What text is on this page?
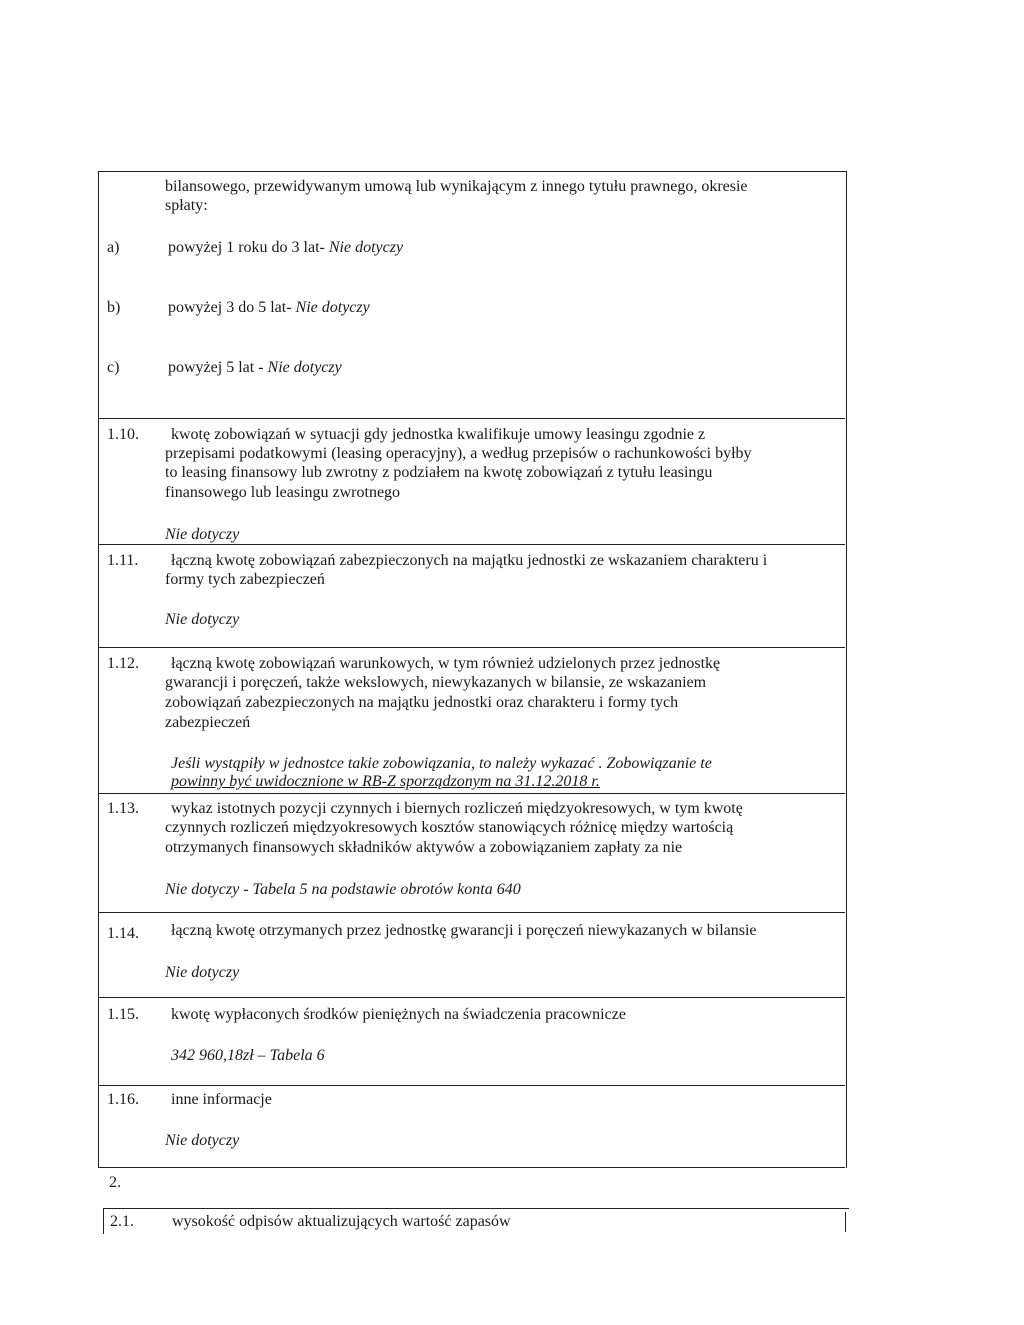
bilansowego, przewidywanym umową lub wynikającym z innego tytułu prawnego, okresie
spłaty:
a)	powyżej 1 roku do 3 lat- Nie dotyczy
b)	powyżej 3 do 5 lat- Nie dotyczy
c)	powyżej 5 lat - Nie dotyczy
1.10. kwotę zobowiązań w sytuacji gdy jednostka kwalifikuje umowy leasingu zgodnie z
przepisami podatkowymi (leasing operacyjny), a według przepisów o rachunkowości byłby
to leasing finansowy lub zwrotny z podziałem na kwotę zobowiązań z tytułu leasingu
finansowego lub leasingu zwrotnego
Nie dotyczy
1.11. łączną kwotę zobowiązań zabezpieczonych na majątku jednostki ze wskazaniem charakteru i
formy tych zabezpieczeń
Nie dotyczy
1.12. łączną kwotę zobowiązań warunkowych, w tym również udzielonych przez jednostkę
gwarancji i poręczeń, także wekslowych, niewykazanych w bilansie, ze wskazaniem
zobowiązań zabezpieczonych na majątku jednostki oraz charakteru i formy tych
zabezpieczeń
Jeśli wystąpiły w jednostce takie zobowiązania, to należy wykazać . Zobowiązanie te
powinny być uwidocznione w RB-Z sporządzonym na 31.12.2018 r.
1.13. wykaz istotnych pozycji czynnych i biernych rozliczeń międzyokresowych, w tym kwotę
czynnych rozliczeń międzyokresowych kosztów stanowiących różnicę między wartością
otrzymanych finansowych składników aktywów a zobowiązaniem zapłaty za nie
Nie dotyczy - Tabela 5 na podstawie obrotów konta 640
1.14. łączną kwotę otrzymanych przez jednostkę gwarancji i poręczeń niewykazanych w bilansie
Nie dotyczy
1.15. kwotę wypłaconych środków pieniężnych na świadczenia pracownicze
342 960,18zł – Tabela 6
1.16. inne informacje
Nie dotyczy
2.
2.1. wysokość odpisów aktualizujących wartość zapasów
